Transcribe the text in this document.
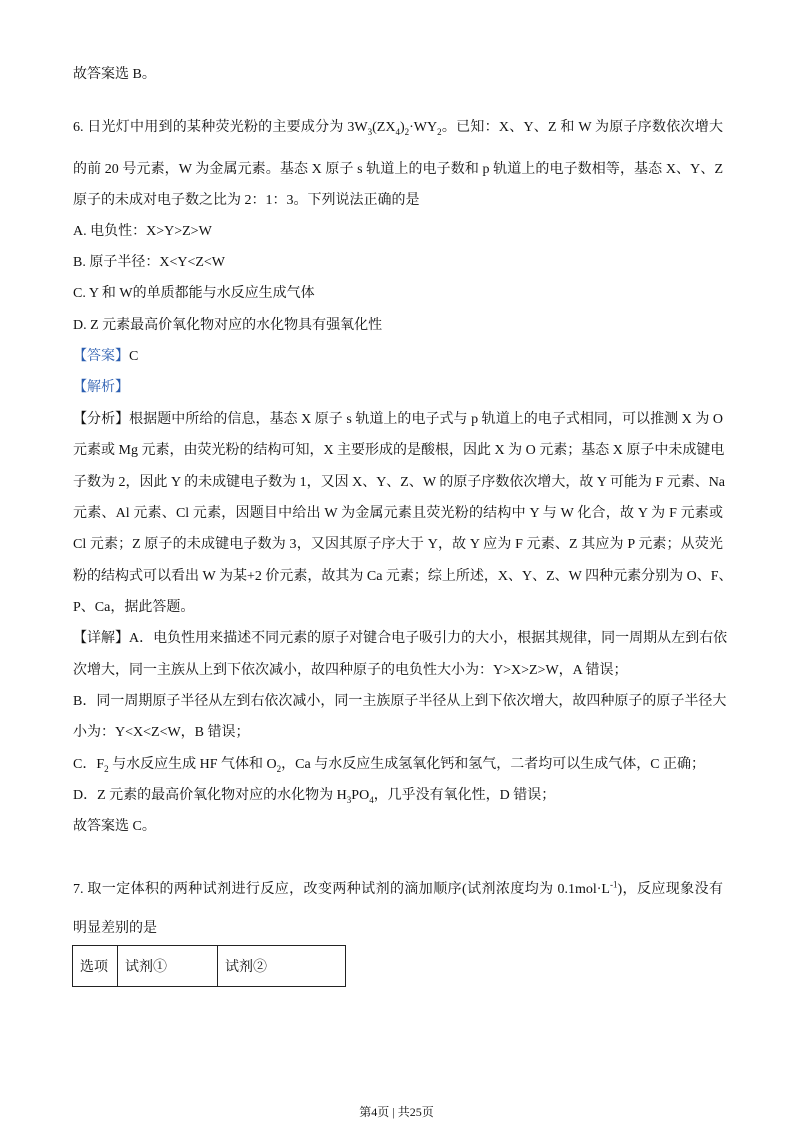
故答案选 B。
6. 日光灯中用到的某种荧光粉的主要成分为 $3W_3(ZX_4)_2\cdot WY_2$。已知：X、Y、Z 和 W 为原子序数依次增大
的前 20 号元素，W 为金属元素。基态 X 原子 s 轨道上的电子数和 p 轨道上的电子数相等，基态 X、Y、Z
原子的未成对电子数之比为 2：1：3。下列说法正确的是
A. 电负性：X>Y>Z>W
B. 原子半径：X<Y<Z<W
C. Y 和 W的单质都能与水反应生成气体
D. Z 元素最高价氧化物对应的水化物具有强氧化性
【答案】C
【解析】
【分析】根据题中所给的信息，基态 X 原子 s 轨道上的电子式与 p 轨道上的电子式相同，可以推测 X 为 O
元素或 Mg 元素，由荧光粉的结构可知，X 主要形成的是酸根，因此 X 为 O 元素；基态 X 原子中未成键电
子数为 2，因此 Y 的未成键电子数为 1，又因 X、Y、Z、W 的原子序数依次增大，故 Y 可能为 F 元素、Na
元素、Al 元素、Cl 元素，因题目中给出 W 为金属元素且荧光粉的结构中 Y 与 W 化合，故 Y 为 F 元素或
Cl 元素；Z 原子的未成键电子数为 3，又因其原子序大于 Y，故 Y 应为 F 元素、Z 其应为 P 元素；从荧光
粉的结构式可以看出 W 为某+2 价元素，故其为 Ca 元素；综上所述，X、Y、Z、W 四种元素分别为 O、F、
P、Ca，据此答题。
【详解】A．电负性用来描述不同元素的原子对键合电子吸引力的大小，根据其规律，同一周期从左到右依
次增大，同一主族从上到下依次减小，故四种原子的电负性大小为：Y>X>Z>W，A 错误；
B．同一周期原子半径从左到右依次减小，同一主族原子半径从上到下依次增大，故四种原子的原子半径大
小为：Y<X<Z<W，B 错误；
C．$F_2$ 与水反应生成 HF 气体和 $O_2$，Ca 与水反应生成氢氧化钙和氢气，二者均可以生成气体，C 正确；
D．Z 元素的最高价氧化物对应的水化物为 $H_3PO_4$，几乎没有氧化性，D 错误；
故答案选 C。
7. 取一定体积的两种试剂进行反应，改变两种试剂的滴加顺序(试剂浓度均为 $0.1mol\cdot L^{-1}$)，反应现象没有
明显差别的是
选项	试剂①	试剂②
第4页 | 共25页
